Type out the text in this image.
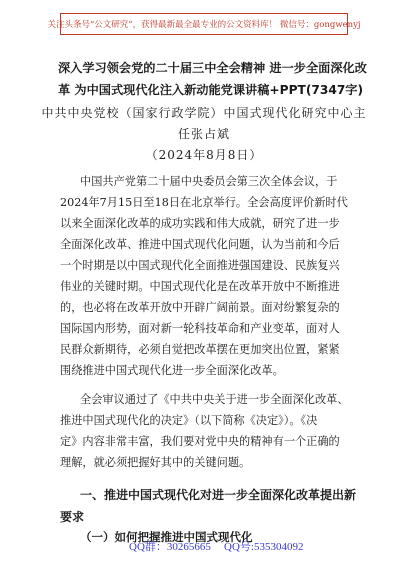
关注头条号“公文研究”，获得最新最全最专业的公文资料库！ 微信号：gongwenyj
深入学习领会党的二十届三中全会精神 进一步全面深化改
革 为中国式现代化注入新动能党课讲稿+PPT(7347字)
中共中央党校（国家行政学院）中国式现代化研究中心主
任张占斌
（2024年8月8日）
中国共产党第二十届中央委员会第三次全体会议，于
2024年7月15日至18日在北京举行。全会高度评价新时代
以来全面深化改革的成功实践和伟大成就，研究了进一步
全面深化改革、推进中国式现代化问题，认为当前和今后
一个时期是以中国式现代化全面推进强国建设、民族复兴
伟业的关键时期。中国式现代化是在改革开放中不断推进
的，也必将在改革开放中开辟广阔前景。面对纷繁复杂的
国际国内形势，面对新一轮科技革命和产业变革，面对人
民群众新期待，必须自觉把改革摆在更加突出位置，紧紧
围绕推进中国式现代化进一步全面深化改革。
全会审议通过了《中共中央关于进一步全面深化改革、
推进中国式现代化的决定》（以下简称《决定》）。《决
定》内容非常丰富，我们要对党中央的精神有一个正确的
理解，就必须把握好其中的关键问题。
一、推进中国式现代化对进一步全面深化改革提出新
要求
（一）如何把握推进中国式现代化
QQ群：30265665 QQ号:535304092
